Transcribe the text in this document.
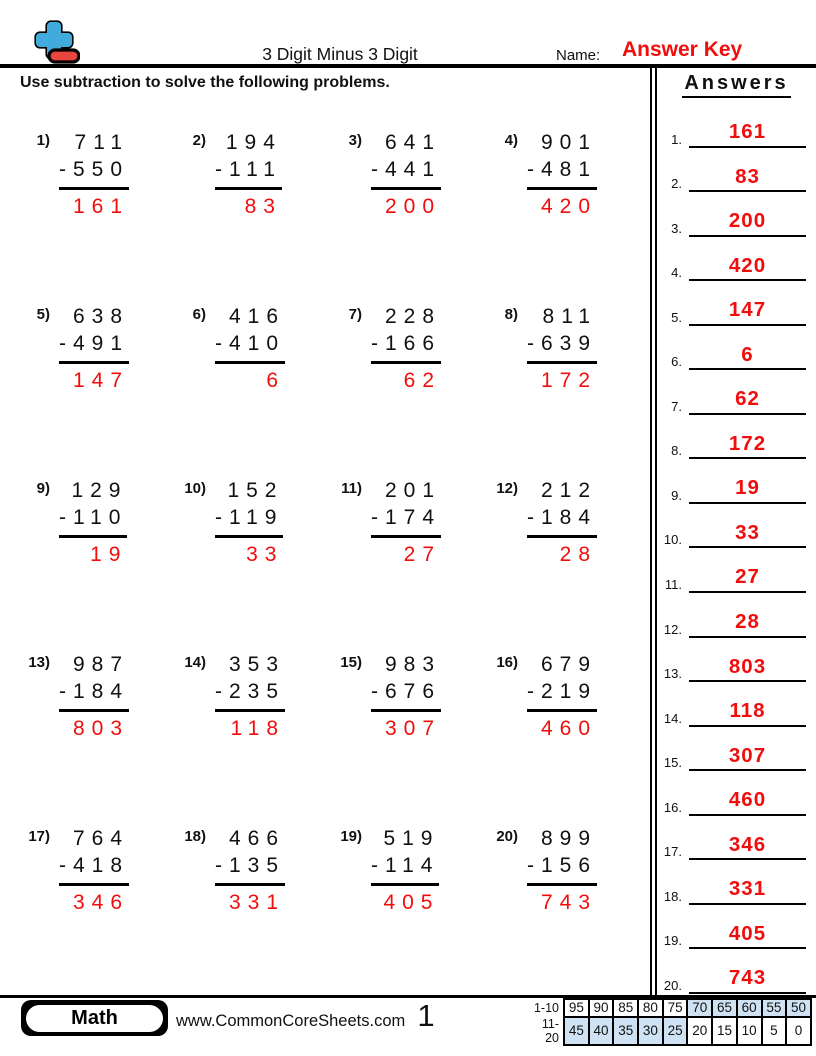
3 Digit Minus 3 Digit	Name: Answer Key
Use subtraction to solve the following problems.
1)	711
-550
161
2) 194
-111
83
3)	641
-441
200
4)	901
-481
420
5)	638
-491
147
6)	416
-410
6
7)	228
-166
62
8)	811
-639
172
9)	129
-110
19
10)	152
-119
33
11)	201
-174
27
12)	212
-184
28
13)	987
-184
803
14)	353
-235
118
15)	983
-676
307
16)	679
-219
460
17)	764
-418
346
18)	466
-135
331
19)	519
-114
405
20)	899
-156
743
Answers
1.	161
2.	83
3.	200
4.	420
5.	147
6.	6
7.	62
8.	172
9.	19
10.	33
11.	27
12.	28
13.	803
14.	118
15.	307
16.	460
17.	346
18.	331
19.	405
20.	743
Math	www.CommonCoreSheets.com 1	1-10	95	90	85	80	75	70	65	60	55	50
11-20	45	40	35	30	25	20	15	10	5	0
